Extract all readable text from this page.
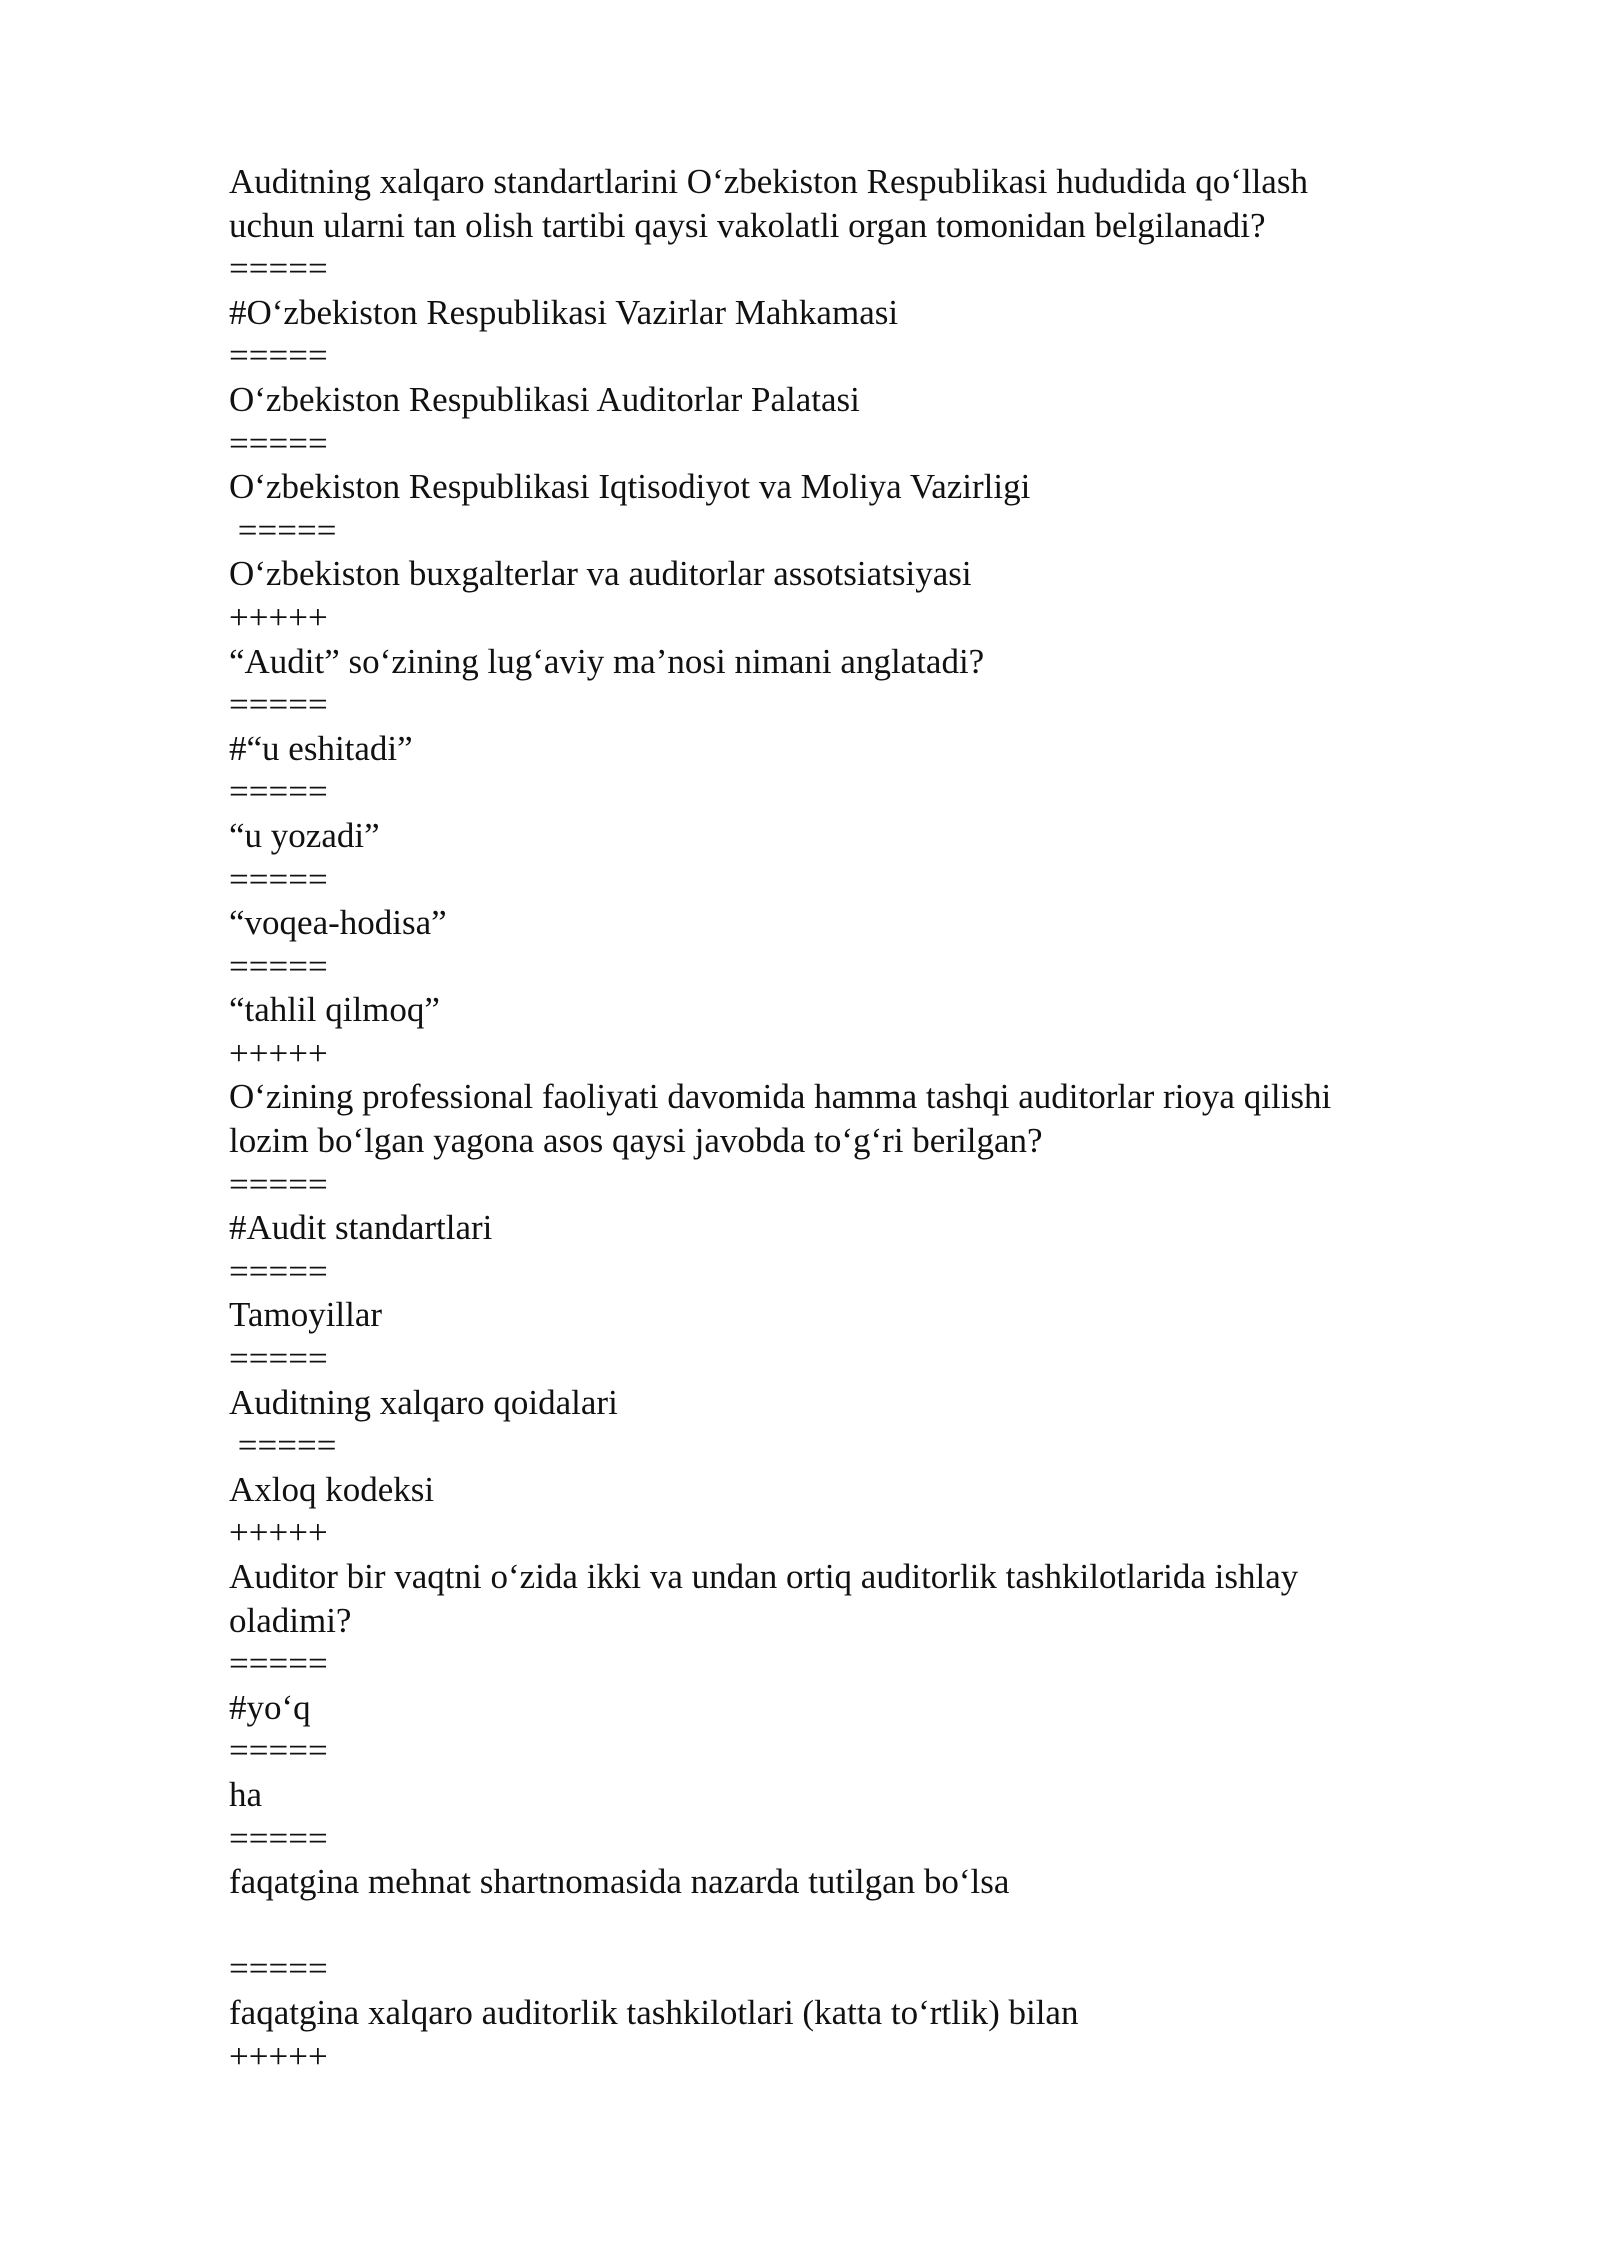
Auditning xalqaro standartlarini O‘zbekiston Respublikasi hududida qo‘llash
uchun ularni tan olish tartibi qaysi vakolatli organ tomonidan belgilanadi?
=====
#O‘zbekiston Respublikasi Vazirlar Mahkamasi
=====
O‘zbekiston Respublikasi Auditorlar Palatasi
=====
O‘zbekiston Respublikasi Iqtisodiyot va Moliya Vazirligi
=====
O‘zbekiston buxgalterlar va auditorlar assotsiatsiyasi
+++++
“Audit” so‘zining lug‘aviy ma’nosi nimani anglatadi?
=====
#“u eshitadi”
=====
“u yozadi”
=====
“voqea-hodisa”
=====
“tahlil qilmoq”
+++++
O‘zining professional faoliyati davomida hamma tashqi auditorlar rioya qilishi
lozim bo‘lgan yagona asos qaysi javobda to‘g‘ri berilgan?
=====
#Audit standartlari
=====
Tamoyillar
=====
Auditning xalqaro qoidalari
=====
Axloq kodeksi
+++++
Auditor bir vaqtni o‘zida ikki va undan ortiq auditorlik tashkilotlarida ishlay
oladimi?
=====
#yo‘q
=====
ha
=====
faqatgina mehnat shartnomasida nazarda tutilgan bo‘lsa
=====
faqatgina xalqaro auditorlik tashkilotlari (katta to‘rtlik) bilan
+++++
